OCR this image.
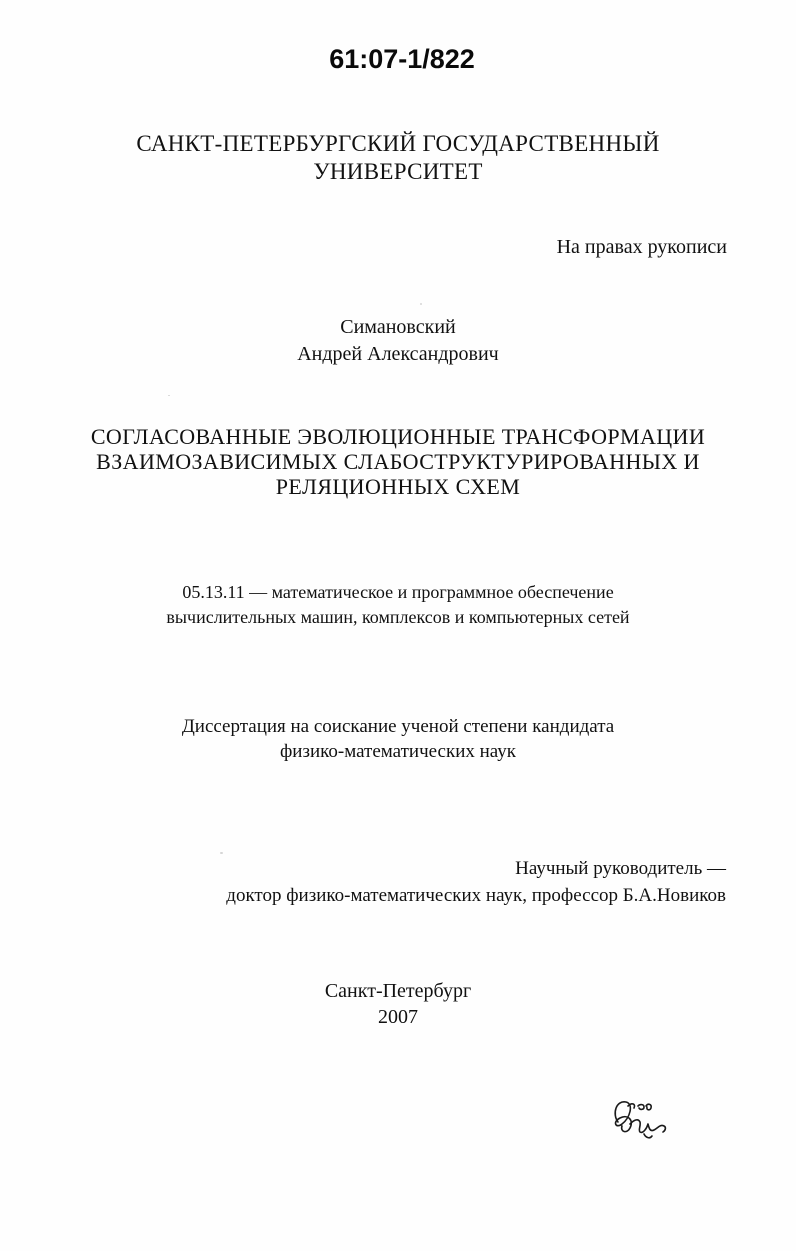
61:07-1/822
САНКТ-ПЕТЕРБУРГСКИЙ ГОСУДАРСТВЕННЫЙ
УНИВЕРСИТЕТ
На правах рукописи
Симановский
Андрей Александрович
СОГЛАСОВАННЫЕ ЭВОЛЮЦИОННЫЕ ТРАНСФОРМАЦИИ
ВЗАИМОЗАВИСИМЫХ СЛАБОСТРУКТУРИРОВАННЫХ И
РЕЛЯЦИОННЫХ СХЕМ
05.13.11 — математическое и программное обеспечение
вычислительных машин, комплексов и компьютерных сетей
Диссертация на соискание ученой степени кандидата
физико-математических наук
Научный руководитель —
доктор физико-математических наук, профессор Б.А.Новиков
Санкт-Петербург
2007
